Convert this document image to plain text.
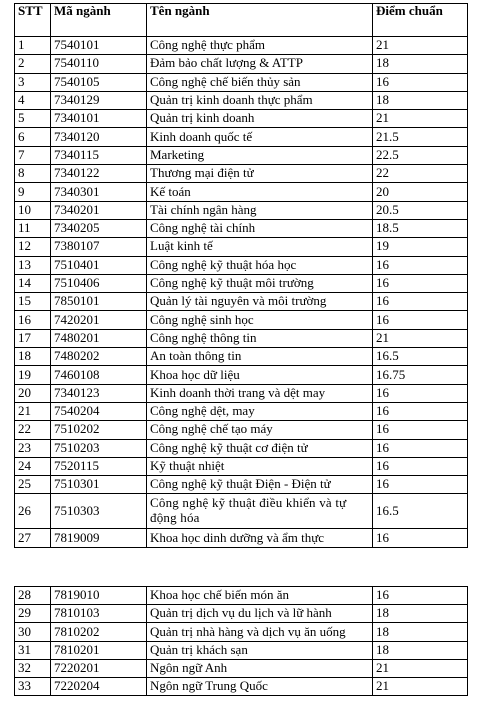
STT	Mã ngành	Tên ngành	Điểm chuẩn
1	7540101	Công nghệ thực phẩm	21
2	7540110	Đảm bảo chất lượng & ATTP	18
3	7540105	Công nghệ chế biến thủy sản	16
4	7340129	Quản trị kinh doanh thực phẩm	18
5	7340101	Quản trị kinh doanh	21
6	7340120	Kinh doanh quốc tế	21.5
7	7340115	Marketing	22.5
8	7340122	Thương mại điện tử	22
9	7340301	Kế toán	20
10	7340201	Tài chính ngân hàng	20.5
11	7340205	Công nghệ tài chính	18.5
12	7380107	Luật kinh tế	19
13	7510401	Công nghệ kỹ thuật hóa học	16
14	7510406	Công nghệ kỹ thuật môi trường	16
15	7850101	Quản lý tài nguyên và môi trường	16
16	7420201	Công nghệ sinh học	16
17	7480201	Công nghệ thông tin	21
18	7480202	An toàn thông tin	16.5
19	7460108	Khoa học dữ liệu	16.75
20	7340123	Kinh doanh thời trang và dệt may	16
21	7540204	Công nghệ dệt, may	16
22	7510202	Công nghệ chế tạo máy	16
23	7510203	Công nghệ kỹ thuật cơ điện tử	16
24	7520115	Kỹ thuật nhiệt	16
25	7510301	Công nghệ kỹ thuật Điện - Điện tử	16
26	7510303	Công nghệ kỹ thuật điều khiển và tự động hóa	16.5
27	7819009	Khoa học dinh dưỡng và ẩm thực	16
28	7819010	Khoa học chế biến món ăn	16
29	7810103	Quản trị dịch vụ du lịch và lữ hành	18
30	7810202	Quản trị nhà hàng và dịch vụ ăn uống	18
31	7810201	Quản trị khách sạn	18
32	7220201	Ngôn ngữ Anh	21
33	7220204	Ngôn ngữ Trung Quốc	21
